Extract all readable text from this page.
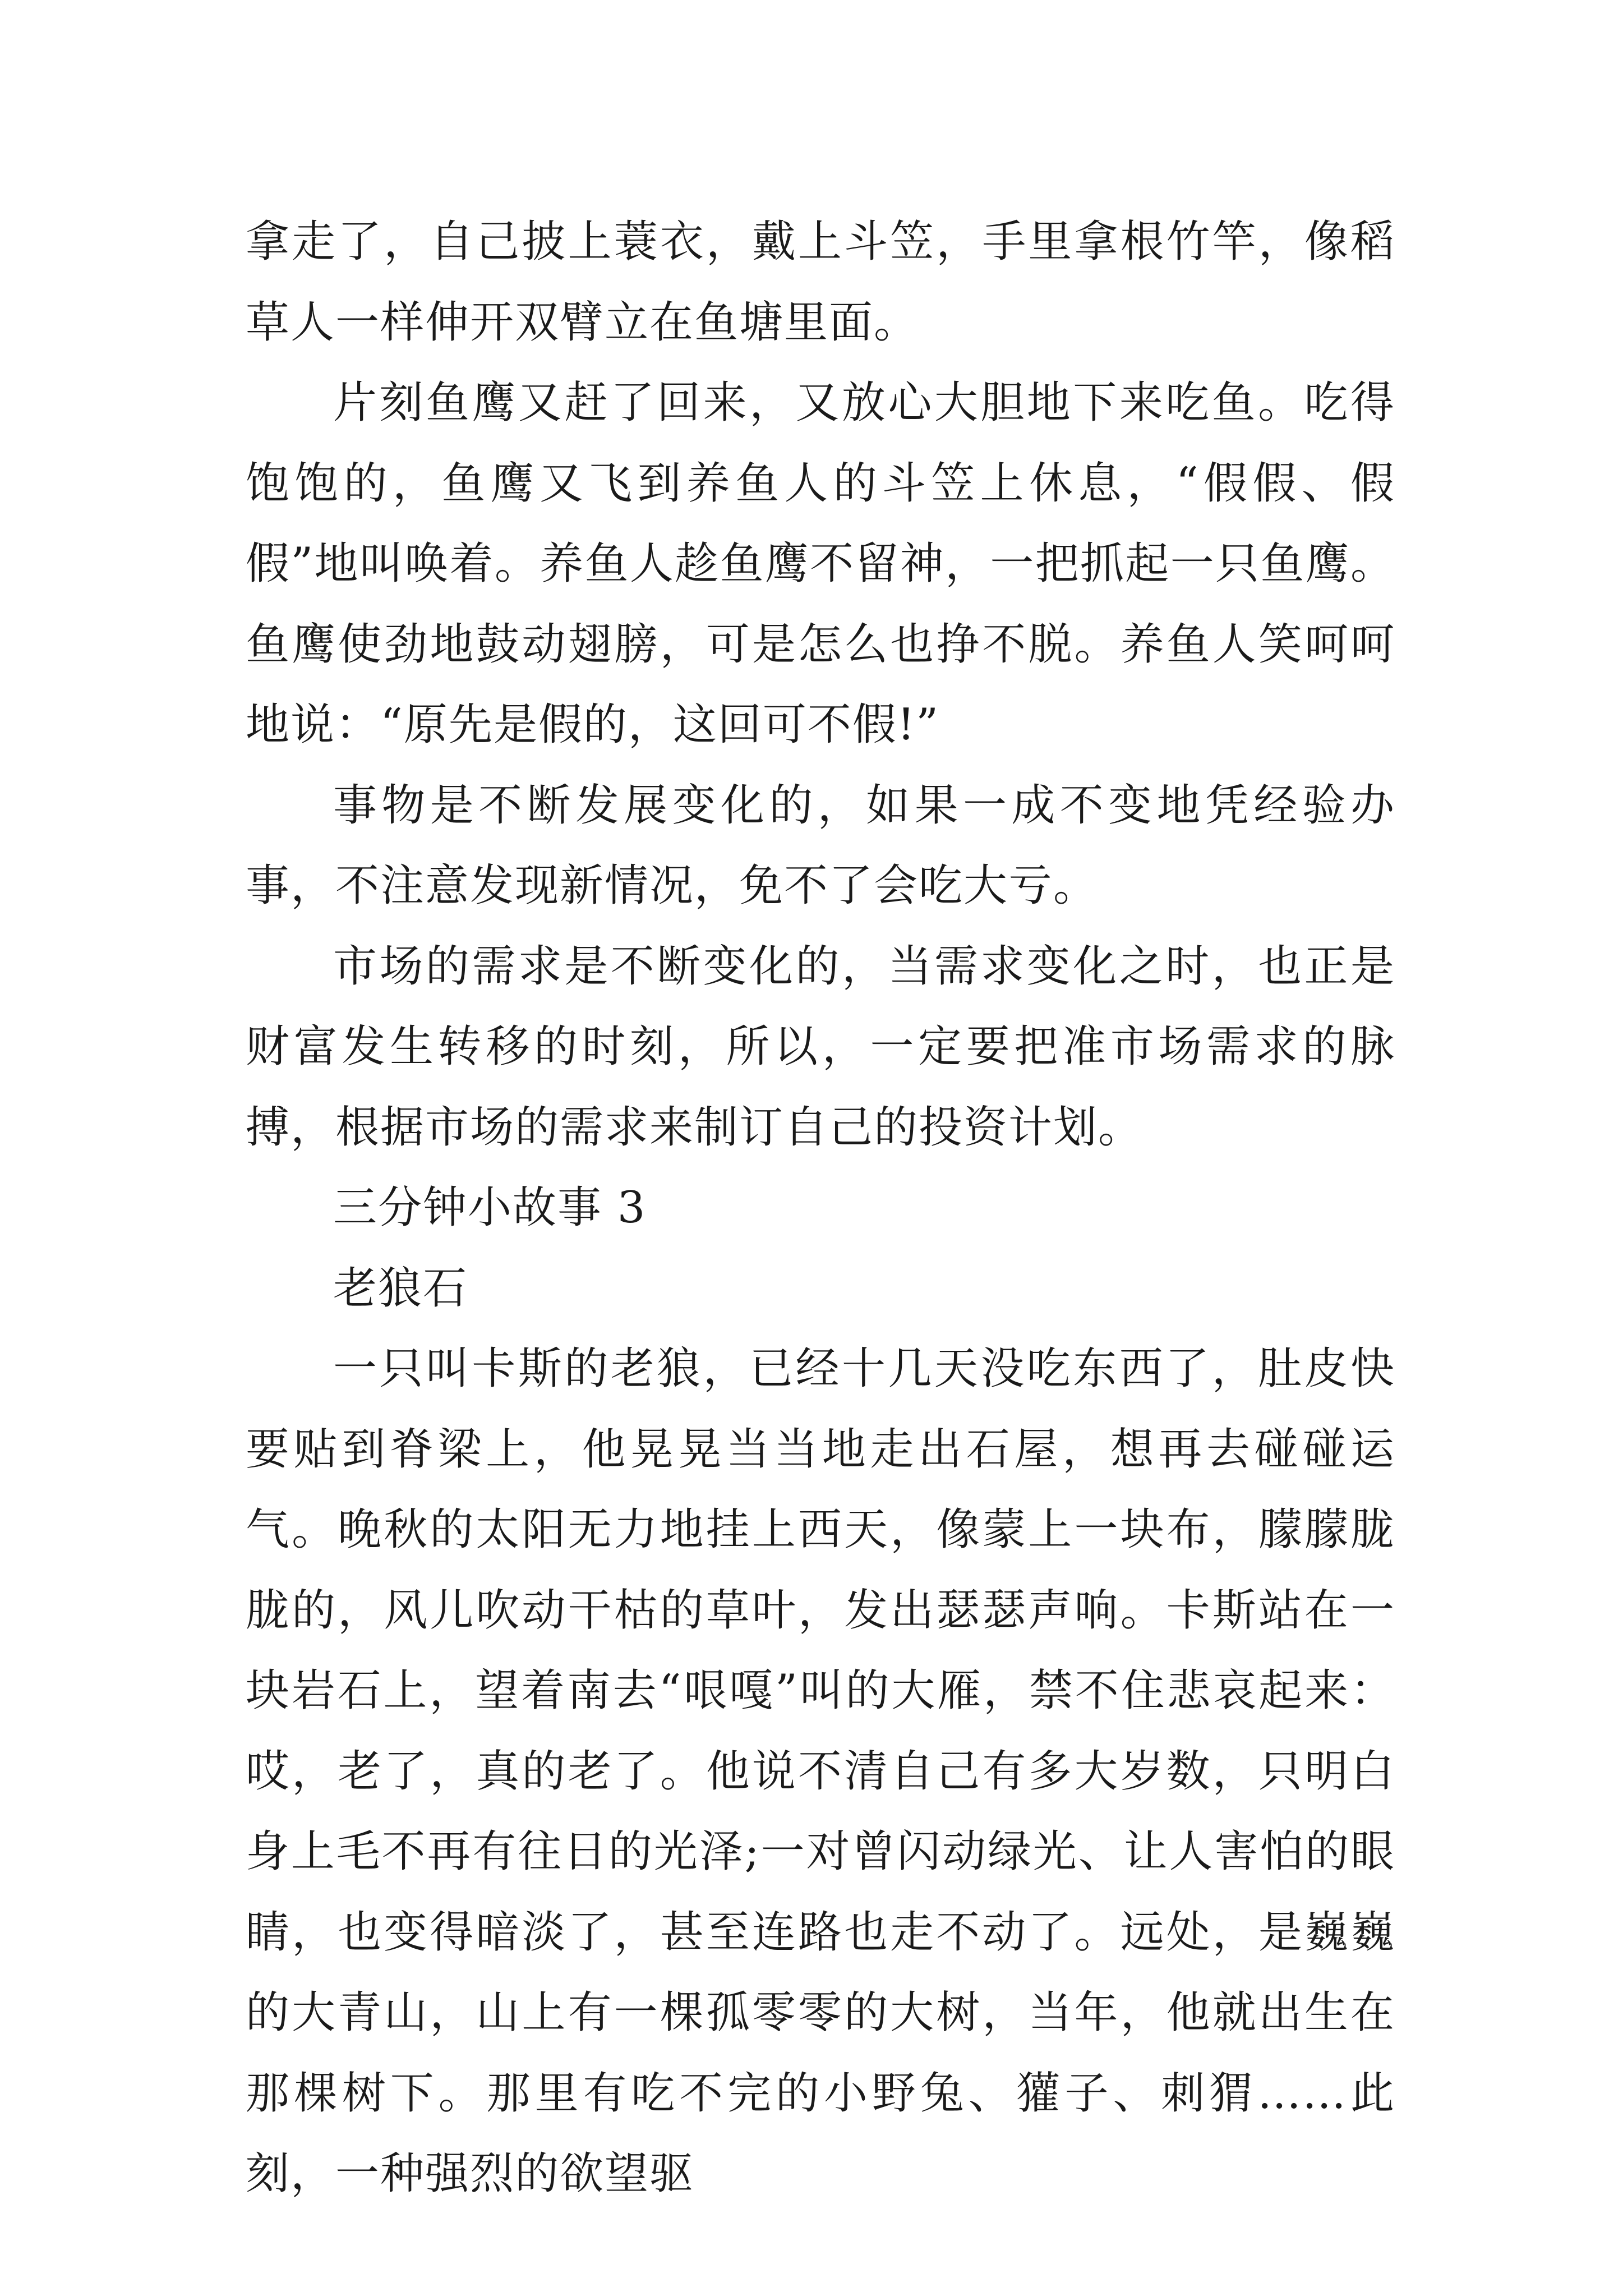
拿走了，自己披上蓑衣，戴上斗笠，手里拿根竹竿，像稻草人一样伸开双臂立在鱼塘里面。

片刻鱼鹰又赶了回来，又放心大胆地下来吃鱼。吃得饱饱的，鱼鹰又飞到养鱼人的斗笠上休息，“假假、假假”地叫唤着。养鱼人趁鱼鹰不留神，一把抓起一只鱼鹰。鱼鹰使劲地鼓动翅膀，可是怎么也挣不脱。养鱼人笑呵呵地说：“原先是假的，这回可不假!”

事物是不断发展变化的，如果一成不变地凭经验办事，不注意发现新情况，免不了会吃大亏。

市场的需求是不断变化的，当需求变化之时，也正是财富发生转移的时刻，所以，一定要把准市场需求的脉搏，根据市场的需求来制订自己的投资计划。

三分钟小故事 3

老狼石

一只叫卡斯的老狼，已经十几天没吃东西了，肚皮快要贴到脊梁上，他晃晃当当地走出石屋，想再去碰碰运气。晚秋的太阳无力地挂上西天，像蒙上一块布，朦朦胧胧的，风儿吹动干枯的草叶，发出瑟瑟声响。卡斯站在一块岩石上，望着南去“哏嘎”叫的大雁，禁不住悲哀起来：哎，老了，真的老了。他说不清自己有多大岁数，只明白身上毛不再有往日的光泽;一对曾闪动绿光、让人害怕的眼睛，也变得暗淡了，甚至连路也走不动了。远处，是巍巍的大青山，山上有一棵孤零零的大树，当年，他就出生在那棵树下。那里有吃不完的小野兔、獾子、刺猬……此刻，一种强烈的欲望驱
